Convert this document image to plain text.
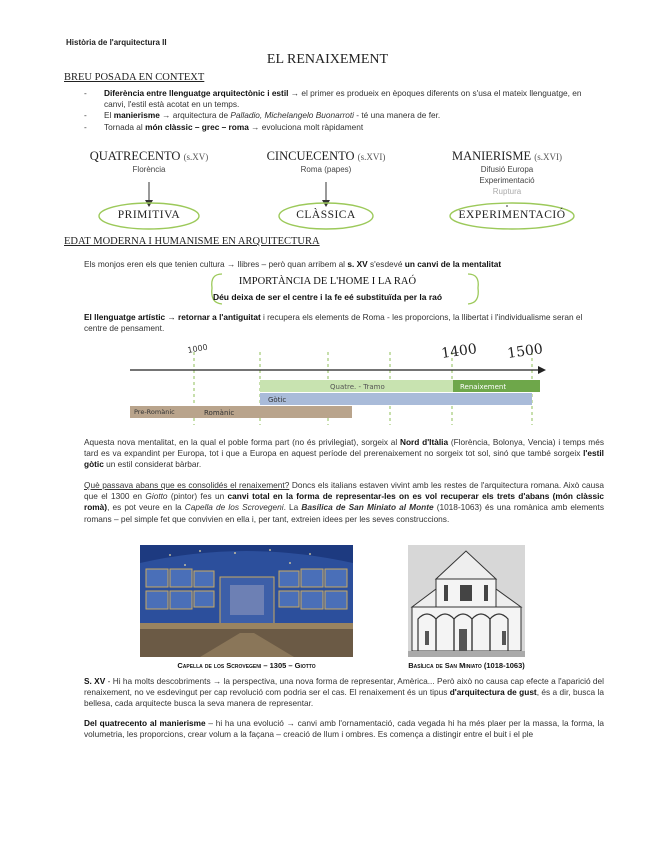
Història de l'arquitectura II
EL RENAIXEMENT
BREU POSADA EN CONTEXT
- Diferència entre llenguatge arquitectònic i estil → el primer es produeix en èpoques diferents on s'usa el mateix llenguatge, en canvi, l'estil està acotat en un temps.
- El manierisme → arquitectura de Palladio, Michelangelo Buonarroti - té una manera de fer.
- Tornada al món clàssic – grec – roma → evoluciona molt ràpidament
QUATRECENTO (s.XV)
Florència
PRIMITIVA
CINCUECENTO (s.XVI)
Roma (papes)
CLÀSSICA
MANIERISME (s.XVI)
Difusió Europa
Experimentació
Ruptura
EXPERIMENTACIÓ
EDAT MODERNA I HUMANISME EN ARQUITECTURA
Els monjos eren els que tenien cultura → llibres – però quan arribem al s. XV s'esdevé un canvi de la mentalitat
IMPORTÀNCIA DE L'HOME I LA RAÓ
Déu deixa de ser el centre i la fe eé substituïda per la raó
El llenguatge artístic → retornar a l'antiguitat i recupera els elements de Roma - les proporcions, la llibertat i l'individualisme seran el centre de pensament.
1000	1400 1500
Quatre. - Tramo	Renaixement
Gòtic
Pre-Romànic	Romànic
Aquesta nova mentalitat, en la qual el poble forma part (no és privilegiat), sorgeix al Nord d'Itàlia (Florència, Bolonya, Vencia) i temps més tard es va expandint per Europa, tot i que a Europa en aquest període del prerenaixement no sorgeix tot sol, sinó que també sorgeix l'estil gòtic un estil considerat bàrbar.
Què passava abans que es consolidés el renaixement? Doncs els italians estaven vivint amb les restes de l'arquitectura romana. Això causa que el 1300 en Giotto (pintor) fes un canvi total en la forma de representar-les on es vol recuperar els trets d'abans (món clàssic romà), es pot veure en la Capella de los Scrovegeni. La Basílica de San Miniato al Monte (1018-1063) és una romànica amb elements romans – pel simple fet que convivien en ella i, per tant, extreien idees per les seves construccions.
Capella de los Scrovegeni – 1305 – Giotto	Basílica de San Miniato (1018-1063)
S. XV - Hi ha molts descobriments → la perspectiva, una nova forma de representar, Amèrica... Però això no causa cap efecte a l'aparició del renaixement, no ve esdevingut per cap revolució com podria ser el cas. El renaixement és un tipus d'arquitectura de gust, és a dir, busca la bellesa, cada arquitecte busca la seva manera de representar.
Del quatrecento al manierisme – hi ha una evolució → canvi amb l'ornamentació, cada vegada hi ha més plaer per la massa, la forma, la volumetria, les proporcions, crear volum a la façana – creació de llum i ombres. Es comença a distingir entre el buit i el ple
